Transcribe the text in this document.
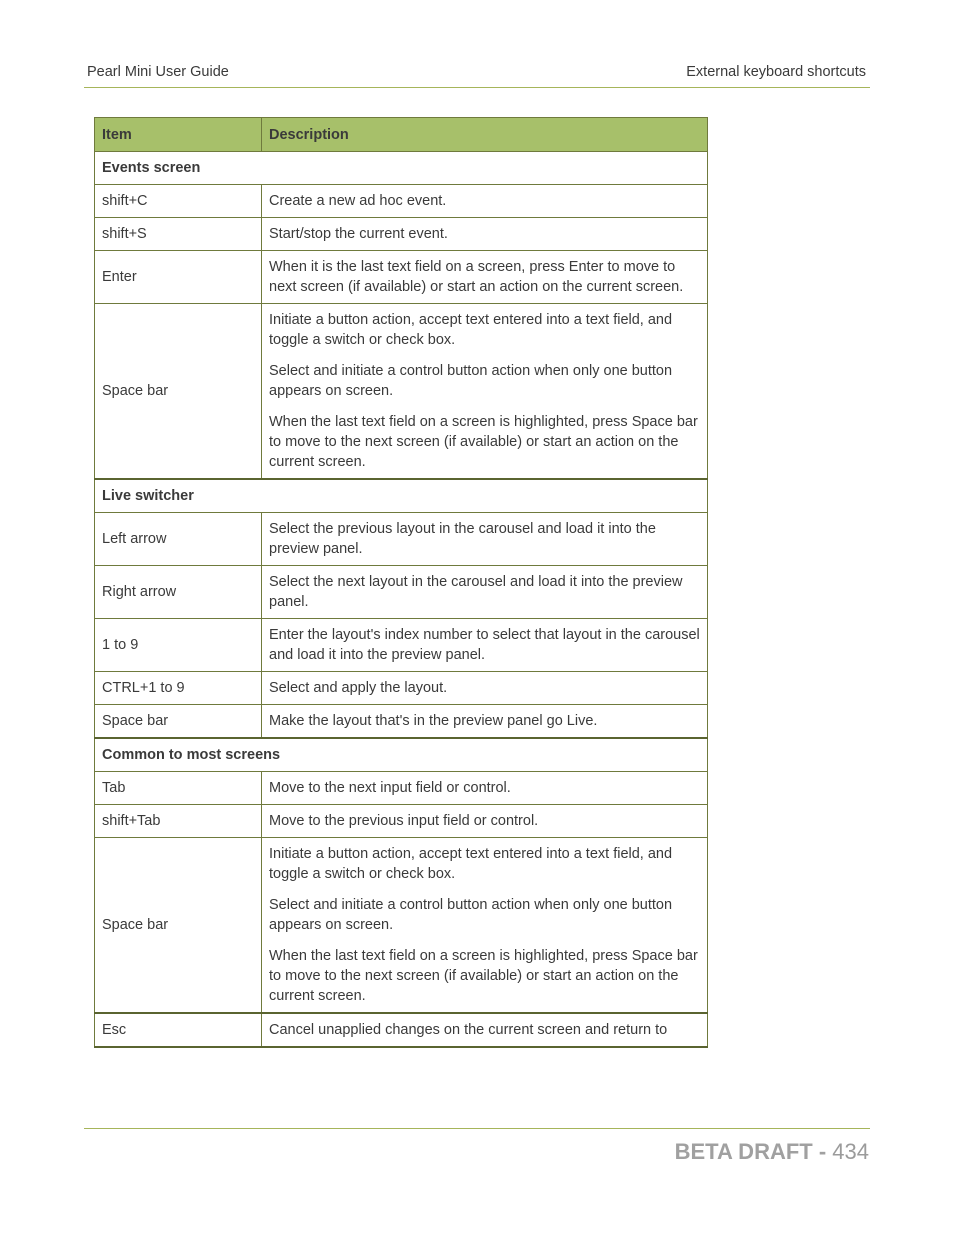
Pearl Mini User Guide	External keyboard shortcuts
Item	Description
Events screen	
shift+C	Create a new ad hoc event.

shift+S	Start/stop the current event.

Enter	When it is the last text field on a screen, press Enter to move to next screen (if available) or start an action on the current screen.

Space bar	Initiate a button action, accept text entered into a text field, and toggle a switch or check box.

Select and initiate a control button action when only one button appears on screen.

When the last text field on a screen is highlighted, press Space bar to move to the next screen (if available) or start an action on the current screen.

Live switcher	
Left arrow	Select the previous layout in the carousel and load it into the preview panel.

Right arrow	Select the next layout in the carousel and load it into the preview panel.

1 to 9	Enter the layout's index number to select that layout in the carousel and load it into the preview panel.

CTRL+1 to 9	Select and apply the layout.

Space bar	Make the layout that's in the preview panel go Live.

Common to most screens	
Tab	Move to the next input field or control.

shift+Tab	Move to the previous input field or control.

Space bar	Initiate a button action, accept text entered into a text field, and toggle a switch or check box.

Select and initiate a control button action when only one button appears on screen.

When the last text field on a screen is highlighted, press Space bar to move to the next screen (if available) or start an action on the current screen.

Esc	Cancel unapplied changes on the current screen and return to

BETA DRAFT - 434
